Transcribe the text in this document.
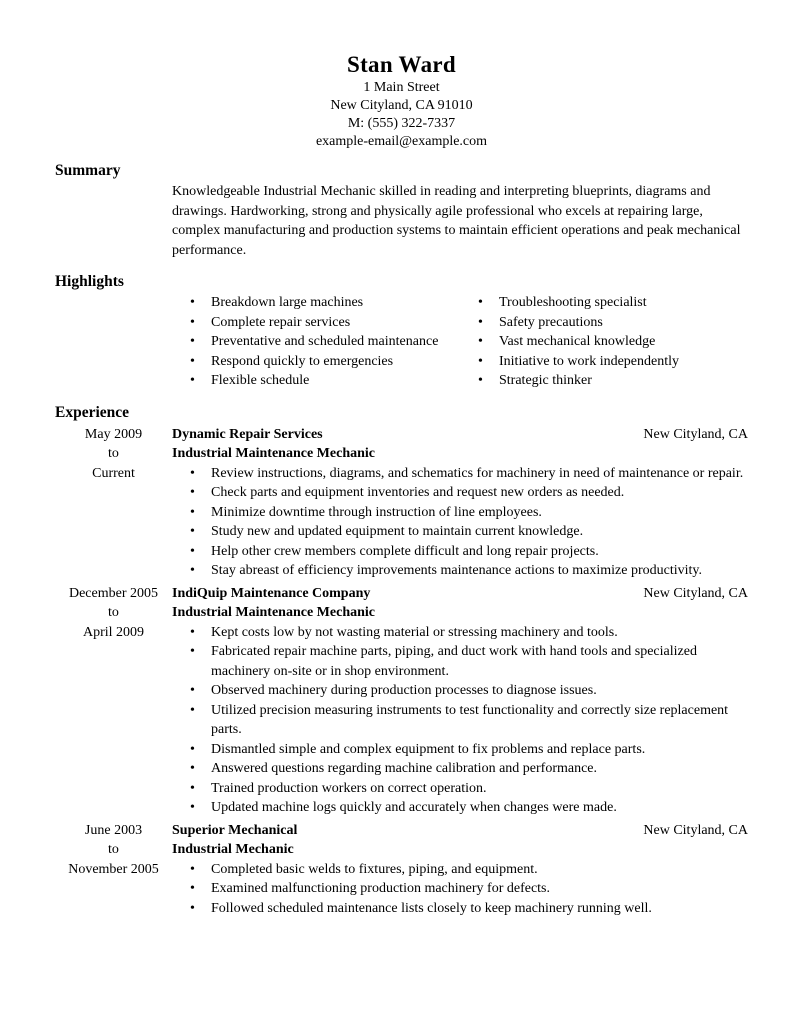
Stan Ward
1 Main Street
New Cityland, CA 91010
M: (555) 322-7337
example-email@example.com
Summary
Knowledgeable Industrial Mechanic skilled in reading and interpreting blueprints, diagrams and drawings. Hardworking, strong and physically agile professional who excels at repairing large, complex manufacturing and production systems to maintain efficient operations and peak mechanical performance.
Highlights
• Breakdown large machines
• Complete repair services
• Preventative and scheduled maintenance
• Respond quickly to emergencies
• Flexible schedule
• Troubleshooting specialist
• Safety precautions
• Vast mechanical knowledge
• Initiative to work independently
• Strategic thinker
Experience
May 2009
to
Current
Dynamic Repair Services	New Cityland, CA
Industrial Maintenance Mechanic
• Review instructions, diagrams, and schematics for machinery in need of maintenance or repair.
• Check parts and equipment inventories and request new orders as needed.
• Minimize downtime through instruction of line employees.
• Study new and updated equipment to maintain current knowledge.
• Help other crew members complete difficult and long repair projects.
• Stay abreast of efficiency improvements maintenance actions to maximize productivity.
December 2005
to
April 2009
IndiQuip Maintenance Company	New Cityland, CA
Industrial Maintenance Mechanic
• Kept costs low by not wasting material or stressing machinery and tools.
• Fabricated repair machine parts, piping, and duct work with hand tools and specialized machinery on-site or in shop environment.
• Observed machinery during production processes to diagnose issues.
• Utilized precision measuring instruments to test functionality and correctly size replacement parts.
• Dismantled simple and complex equipment to fix problems and replace parts.
• Answered questions regarding machine calibration and performance.
• Trained production workers on correct operation.
• Updated machine logs quickly and accurately when changes were made.
June 2003
to
November 2005
Superior Mechanical	New Cityland, CA
Industrial Mechanic
• Completed basic welds to fixtures, piping, and equipment.
• Examined malfunctioning production machinery for defects.
• Followed scheduled maintenance lists closely to keep machinery running well.
